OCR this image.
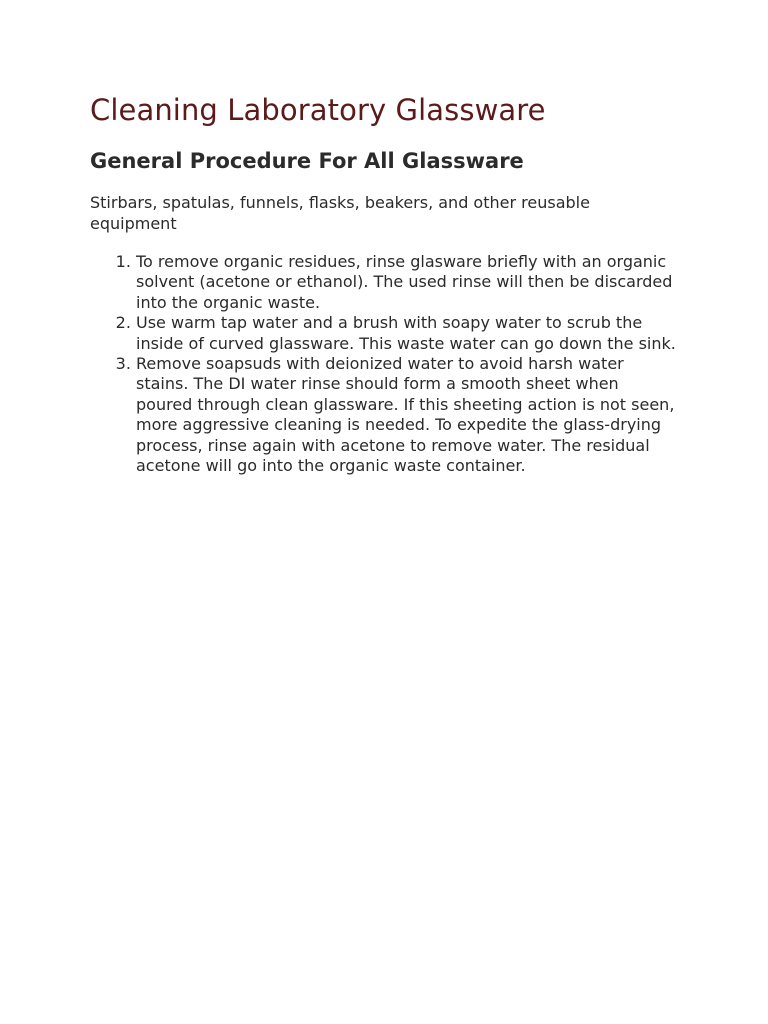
Cleaning Laboratory Glassware
General Procedure For All Glassware

Stirbars, spatulas, funnels, flasks, beakers, and other reusable equipment

1. To remove organic residues, rinse glasware briefly with an organic solvent (acetone or ethanol). The used rinse will then be discarded into the organic waste.
2. Use warm tap water and a brush with soapy water to scrub the inside of curved glassware. This waste water can go down the sink.
3. Remove soapsuds with deionized water to avoid harsh water stains. The DI water rinse should form a smooth sheet when poured through clean glassware. If this sheeting action is not seen, more aggressive cleaning is needed. To expedite the glass-drying process, rinse again with acetone to remove water. The residual acetone will go into the organic waste container.
